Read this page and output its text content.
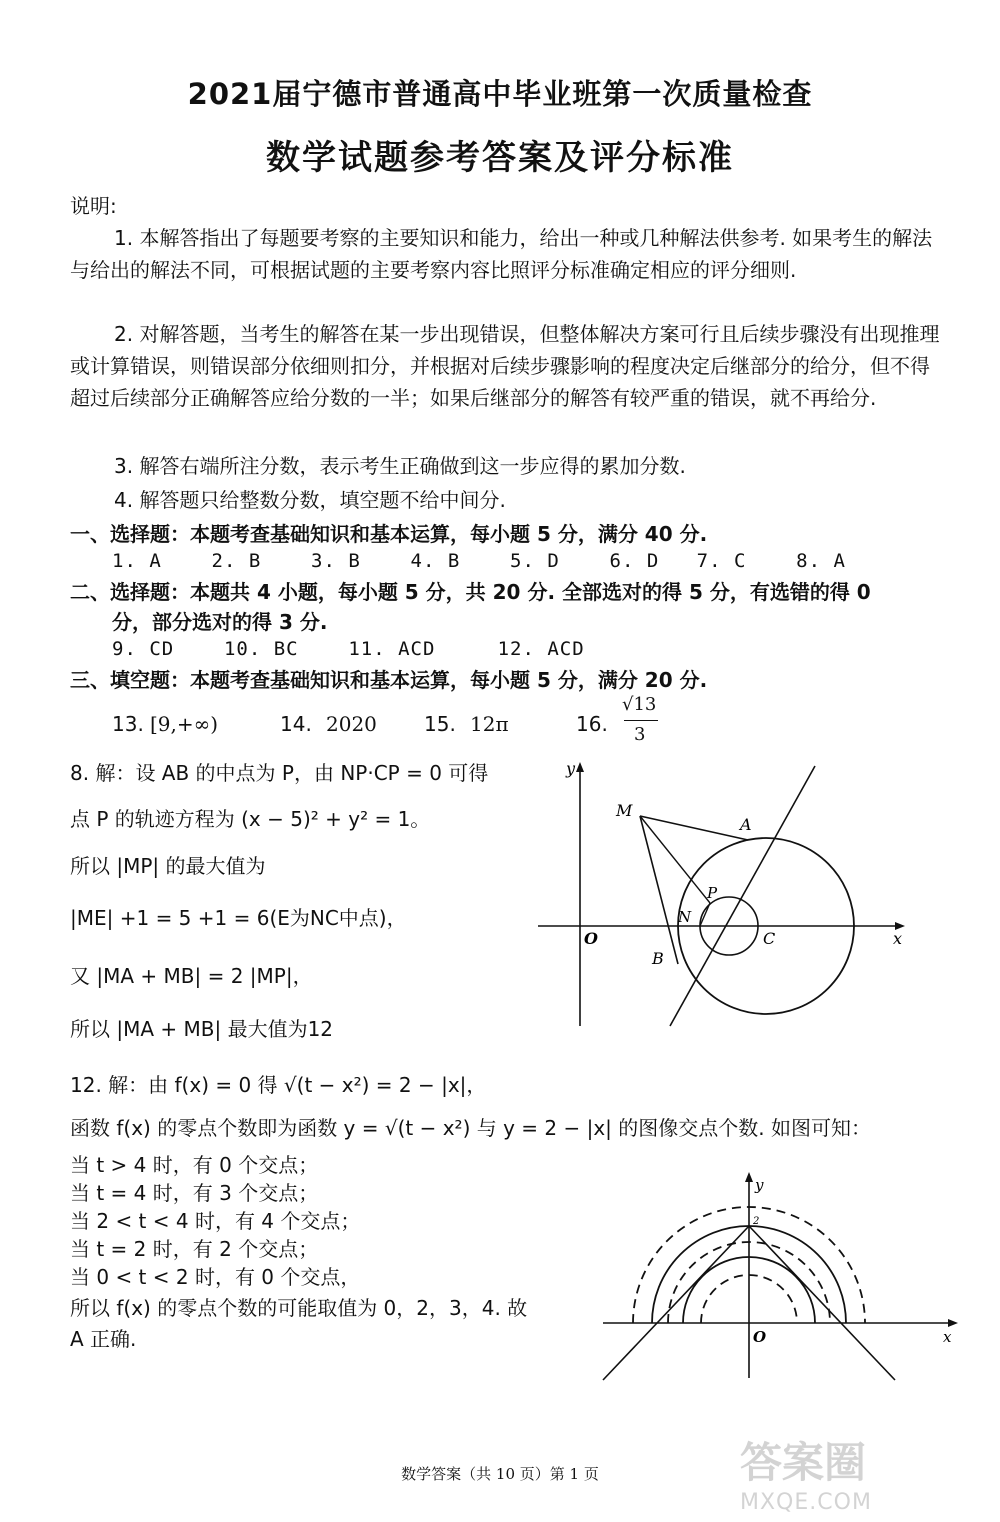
2021届宁德市普通高中毕业班第一次质量检查
数学试题参考答案及评分标准
说明:
1. 本解答指出了每题要考察的主要知识和能力，给出一种或几种解法供参考. 如果考生的解法与给出的解法不同，可根据试题的主要考察内容比照评分标准确定相应的评分细则.
2. 对解答题，当考生的解答在某一步出现错误，但整体解决方案可行且后续步骤没有出现推理或计算错误，则错误部分依细则扣分，并根据对后续步骤影响的程度决定后继部分的给分，但不得超过后续部分正确解答应给分数的一半；如果后继部分的解答有较严重的错误，就不再给分.
3. 解答右端所注分数，表示考生正确做到这一步应得的累加分数.
4. 解答题只给整数分数，填空题不给中间分.
一、选择题：本题考查基础知识和基本运算，每小题 5 分，满分 40 分.
1. A    2. B    3. B    4. B    5. D    6. D   7. C    8. A
二、选择题：本题共 4 小题，每小题 5 分，共 20 分. 全部选对的得 5 分，有选错的得 0
分，部分选对的得 3 分.
9. CD    10. BC    11. ACD     12. ACD
三、填空题：本题考查基础知识和基本运算，每小题 5 分，满分 20 分.
13. [9,+∞)	14. 2020 15. 12π	16.
√13
3
8. 解：设 AB 的中点为 P，由 NP·CP = 0 可得
点 P 的轨迹方程为 (x − 5)² + y² = 1。
所以 |MP| 的最大值为
|ME| +1 = 5 +1 = 6(E为NC中点)，
又 |MA + MB| = 2 |MP|，
所以 |MA + MB| 最大值为12
y
x
O
M
A
P
N
C
B
12. 解：由 f(x) = 0 得 √(t − x²) = 2 − |x|，
函数 f(x) 的零点个数即为函数 y = √(t − x²) 与 y = 2 − |x| 的图像交点个数. 如图可知：
当 t > 4 时，有 0 个交点；
当 t = 4 时，有 3 个交点；
当 2 < t < 4 时，有 4 个交点；
当 t = 2 时，有 2 个交点；
当 0 < t < 2 时，有 0 个交点，
所以 f(x) 的零点个数的可能取值为 0，2，3，4. 故
A 正确.
y
x
O
2
数学答案（共 10 页）第 1 页	答案圈
MXQE.COM
